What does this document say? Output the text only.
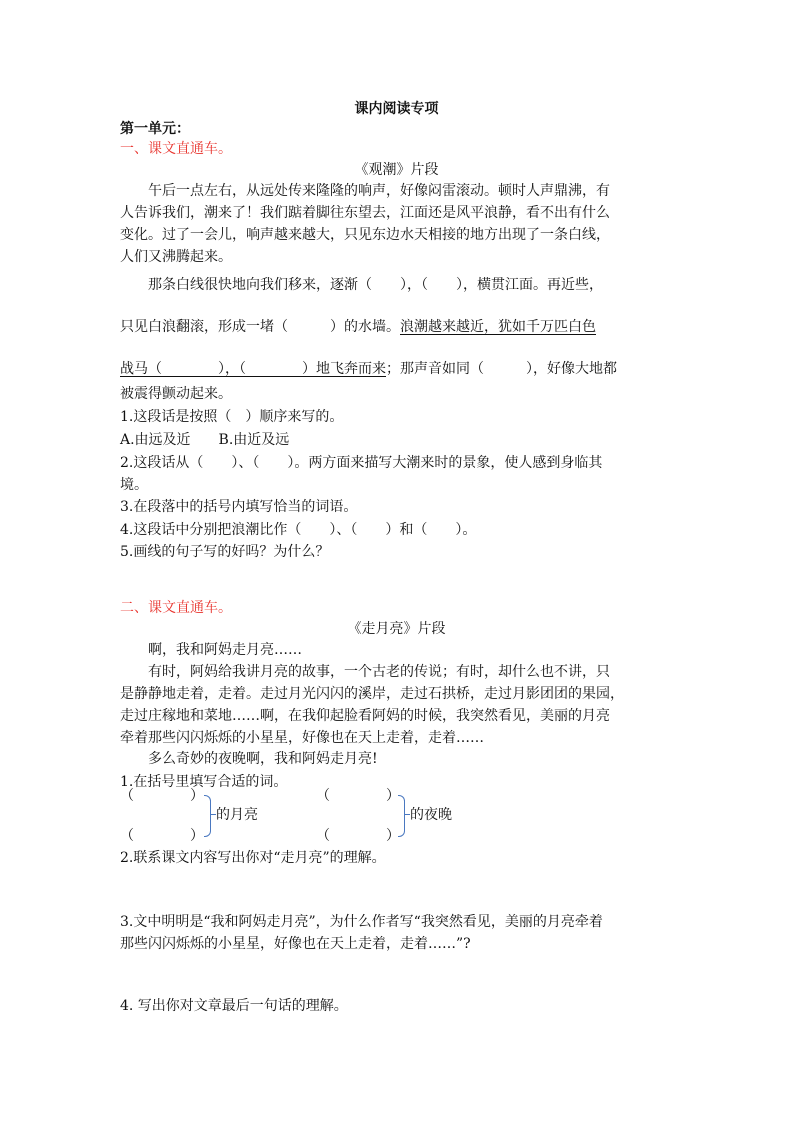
课内阅读专项
第一单元：
一、课文直通车。
《观潮》片段
午后一点左右，从远处传来隆隆的响声，好像闷雷滚动。顿时人声鼎沸，有
人告诉我们，潮来了！我们踮着脚往东望去，江面还是风平浪静，看不出有什么
变化。过了一会儿，响声越来越大，只见东边水天相接的地方出现了一条白线，
人们又沸腾起来。
那条白线很快地向我们移来，逐渐（　　），（　　），横贯江面。再近些，
只见白浪翻滚，形成一堵（　　　）的水墙。浪潮越来越近，犹如千万匹白色
战马（　　　　），（　　　　）地飞奔而来；那声音如同（　　　），好像大地都
被震得颤动起来。
1.这段话是按照（　）顺序来写的。
A.由远及近　　B.由近及远
2.这段话从（　　）、（　　）。两方面来描写大潮来时的景象，使人感到身临其
境。
3.在段落中的括号内填写恰当的词语。
4.这段话中分别把浪潮比作（　　）、（　　）和（　　）。
5.画线的句子写的好吗？为什么？
二、课文直通车。
《走月亮》片段
啊，我和阿妈走月亮……
有时，阿妈给我讲月亮的故事，一个古老的传说；有时，却什么也不讲，只
是静静地走着，走着。走过月光闪闪的溪岸，走过石拱桥，走过月影团团的果园，
走过庄稼地和菜地……啊，在我仰起脸看阿妈的时候，我突然看见，美丽的月亮
牵着那些闪闪烁烁的小星星，好像也在天上走着，走着……
多么奇妙的夜晚啊，我和阿妈走月亮!
1.在括号里填写合适的词。
（　　　　）
（　　　　）
的月亮
（　　　　）
（　　　　）
的夜晚
2.联系课文内容写出你对“走月亮”的理解。
3.文中明明是“我和阿妈走月亮”，为什么作者写“我突然看见，美丽的月亮牵着
那些闪闪烁烁的小星星，好像也在天上走着，走着……”?
4. 写出你对文章最后一句话的理解。
